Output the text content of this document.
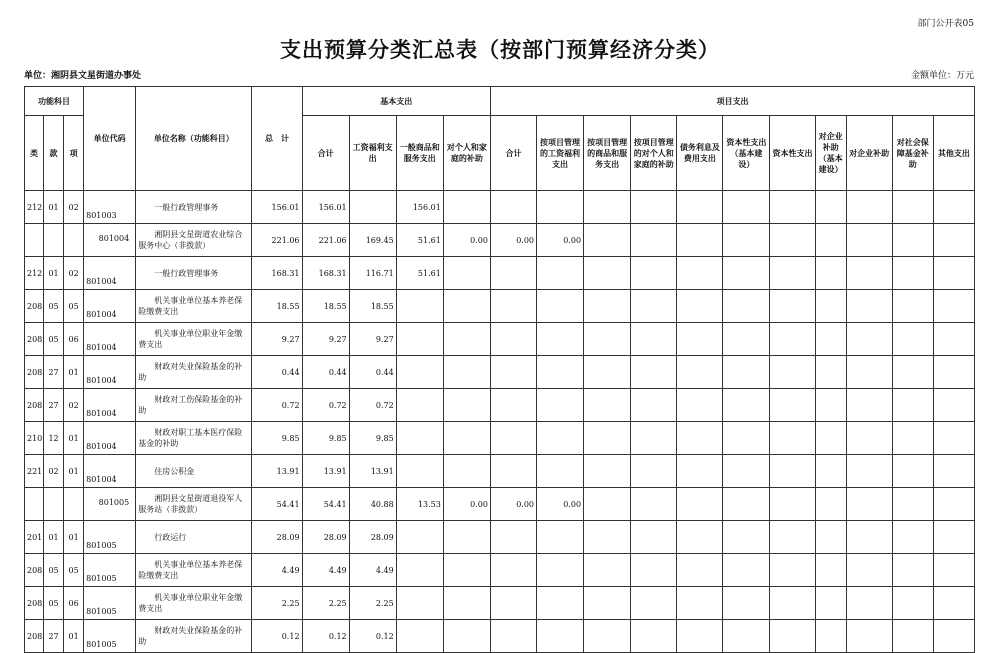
部门公开表05
支出预算分类汇总表（按部门预算经济分类）
单位：湘阴县文星街道办事处	金额单位：万元
功能科目			单位代码	单位名称（功能科目）	总　计	基本支出				项目支出										
类	款	项				合计	工资福利支出	一般商品和服务支出	对个人和家庭的补助	合计	按项目管理的工资福利支出	按项目管理的商品和服务支出	按项目管理的对个人和家庭的补助	债务利息及费用支出	资本性支出（基本建设）	资本性支出	对企业补助（基本建设）	对企业补助	对社会保障基金补助	其他支出
212	01	02	801003	一般行政管理事务	156.01	156.01		156.01												
			801004	湘阴县文星街道农业综合服务中心（非拨款）	221.06	221.06	169.45	51.61	0.00	0.00	0.00									
212	01	02	801004	一般行政管理事务	168.31	168.31	116.71	51.61												
208	05	05	801004	机关事业单位基本养老保险缴费支出	18.55	18.55	18.55													
208	05	06	801004	机关事业单位职业年金缴费支出	9.27	9.27	9.27													
208	27	01	801004	财政对失业保险基金的补助	0.44	0.44	0.44													
208	27	02	801004	财政对工伤保险基金的补助	0.72	0.72	0.72													
210	12	01	801004	财政对职工基本医疗保险基金的补助	9.85	9.85	9.85													
221	02	01	801004	住房公积金	13.91	13.91	13.91													
			801005	湘阴县文星街道退役军人服务站（非拨款）	54.41	54.41	40.88	13.53	0.00	0.00	0.00									
201	01	01	801005	行政运行	28.09	28.09	28.09													
208	05	05	801005	机关事业单位基本养老保险缴费支出	4.49	4.49	4.49													
208	05	06	801005	机关事业单位职业年金缴费支出	2.25	2.25	2.25													
208	27	01	801005	财政对失业保险基金的补助	0.12	0.12	0.12													
